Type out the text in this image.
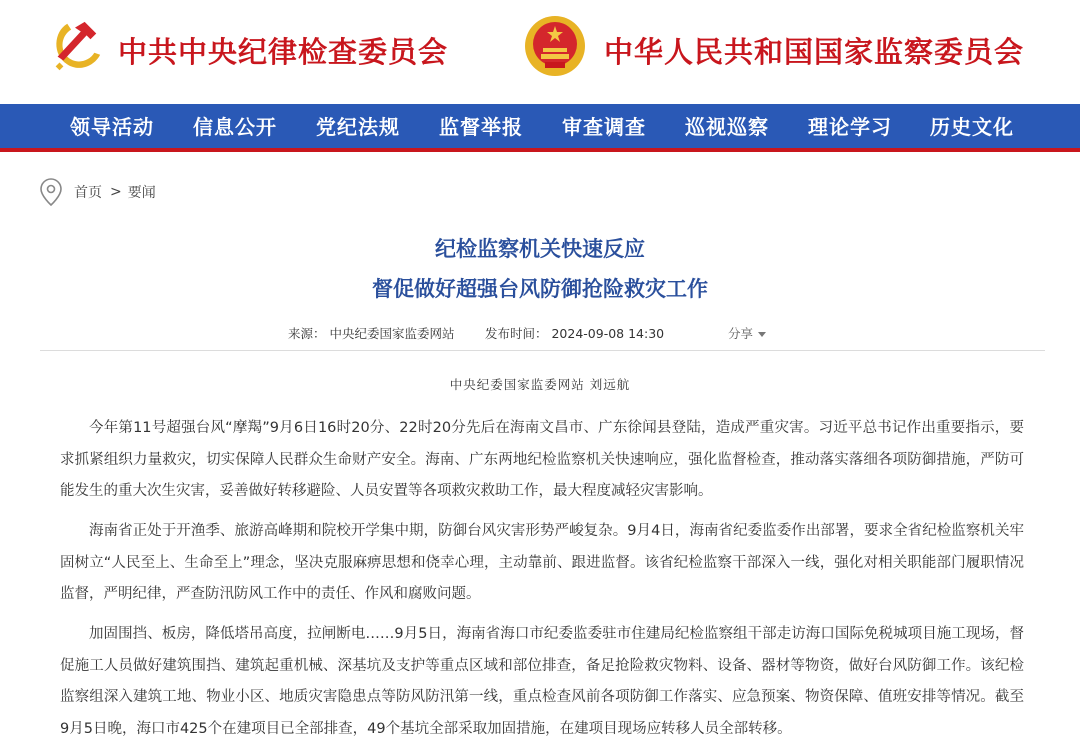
中共中央纪律检查委员会	中华人民共和国国家监察委员会
领导活动 信息公开 党纪法规 监督举报 审查调查 巡视巡察 理论学习 历史文化
首页 > 要闻
纪检监察机关快速反应
督促做好超强台风防御抢险救灾工作
来源： 中央纪委国家监委网站 发布时间： 2024-09-08 14:30	分享
中央纪委国家监委网站 刘远航
今年第11号超强台风“摩羯”9月6日16时20分、22时20分先后在海南文昌市、广东徐闻县登陆，造成严重灾害。习近平总书记作出重要指示，要求抓紧组织力量救灾，切实保障人民群众生命财产安全。海南、广东两地纪检监察机关快速响应，强化监督检查，推动落实落细各项防御措施，严防可能发生的重大次生灾害，妥善做好转移避险、人员安置等各项救灾救助工作，最大程度减轻灾害影响。
海南省正处于开渔季、旅游高峰期和院校开学集中期，防御台风灾害形势严峻复杂。9月4日，海南省纪委监委作出部署，要求全省纪检监察机关牢固树立“人民至上、生命至上”理念，坚决克服麻痹思想和侥幸心理，主动靠前、跟进监督。该省纪检监察干部深入一线，强化对相关职能部门履职情况监督，严明纪律，严查防汛防风工作中的责任、作风和腐败问题。
加固围挡、板房，降低塔吊高度，拉闸断电……9月5日，海南省海口市纪委监委驻市住建局纪检监察组干部走访海口国际免税城项目施工现场，督促施工人员做好建筑围挡、建筑起重机械、深基坑及支护等重点区域和部位排查，备足抢险救灾物料、设备、器材等物资，做好台风防御工作。该纪检监察组深入建筑工地、物业小区、地质灾害隐患点等防风防汛第一线，重点检查风前各项防御工作落实、应急预案、物资保障、值班安排等情况。截至9月5日晚，海口市425个在建项目已全部排查，49个基坑全部采取加固措施，在建项目现场应转移人员全部转移。
